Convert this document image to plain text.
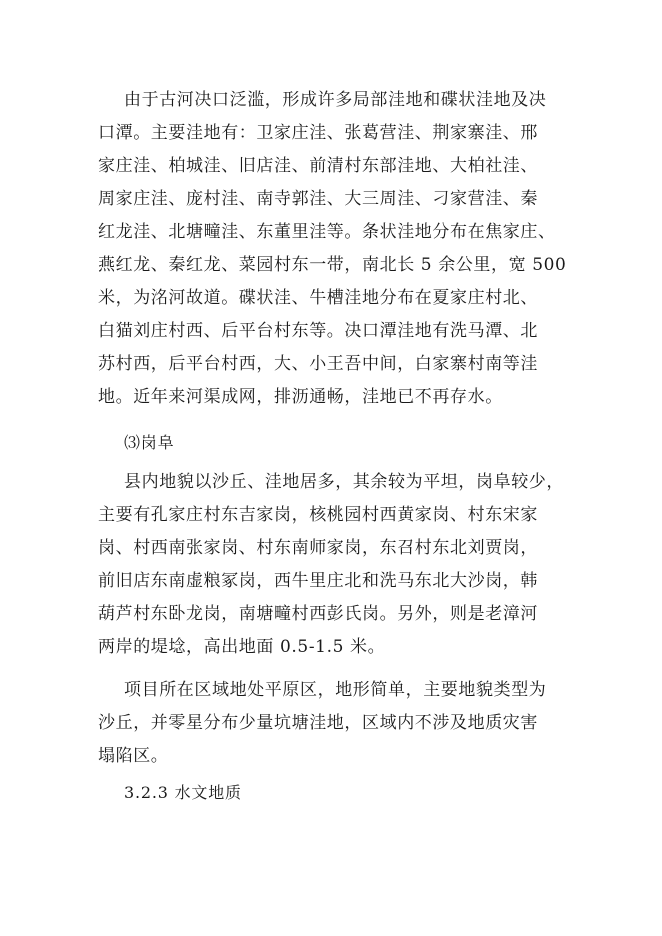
由于古河决口泛滥，形成许多局部洼地和碟状洼地及决
口潭。主要洼地有：卫家庄洼、张葛营洼、荆家寨洼、邢
家庄洼、柏城洼、旧店洼、前清村东部洼地、大柏社洼、
周家庄洼、庞村洼、南寺郭洼、大三周洼、刁家营洼、秦
红龙洼、北塘疃洼、东董里洼等。条状洼地分布在焦家庄、
燕红龙、秦红龙、菜园村东一带，南北长 5 余公里，宽 500
米，为洺河故道。碟状洼、牛槽洼地分布在夏家庄村北、
白猫刘庄村西、后平台村东等。决口潭洼地有洗马潭、北
苏村西，后平台村西，大、小王吾中间，白家寨村南等洼
地。近年来河渠成网，排沥通畅，洼地已不再存水。
⑶岗阜
县内地貌以沙丘、洼地居多，其余较为平坦，岗阜较少，
主要有孔家庄村东吉家岗，核桃园村西黄家岗、村东宋家
岗、村西南张家岗、村东南师家岗，东召村东北刘贾岗，
前旧店东南虚粮冢岗，西牛里庄北和洗马东北大沙岗，韩
葫芦村东卧龙岗，南塘疃村西彭氏岗。另外，则是老漳河
两岸的堤埝，高出地面 0.5-1.5 米。
项目所在区域地处平原区，地形简单，主要地貌类型为
沙丘，并零星分布少量坑塘洼地，区域内不涉及地质灾害
塌陷区。
3.2.3 水文地质
